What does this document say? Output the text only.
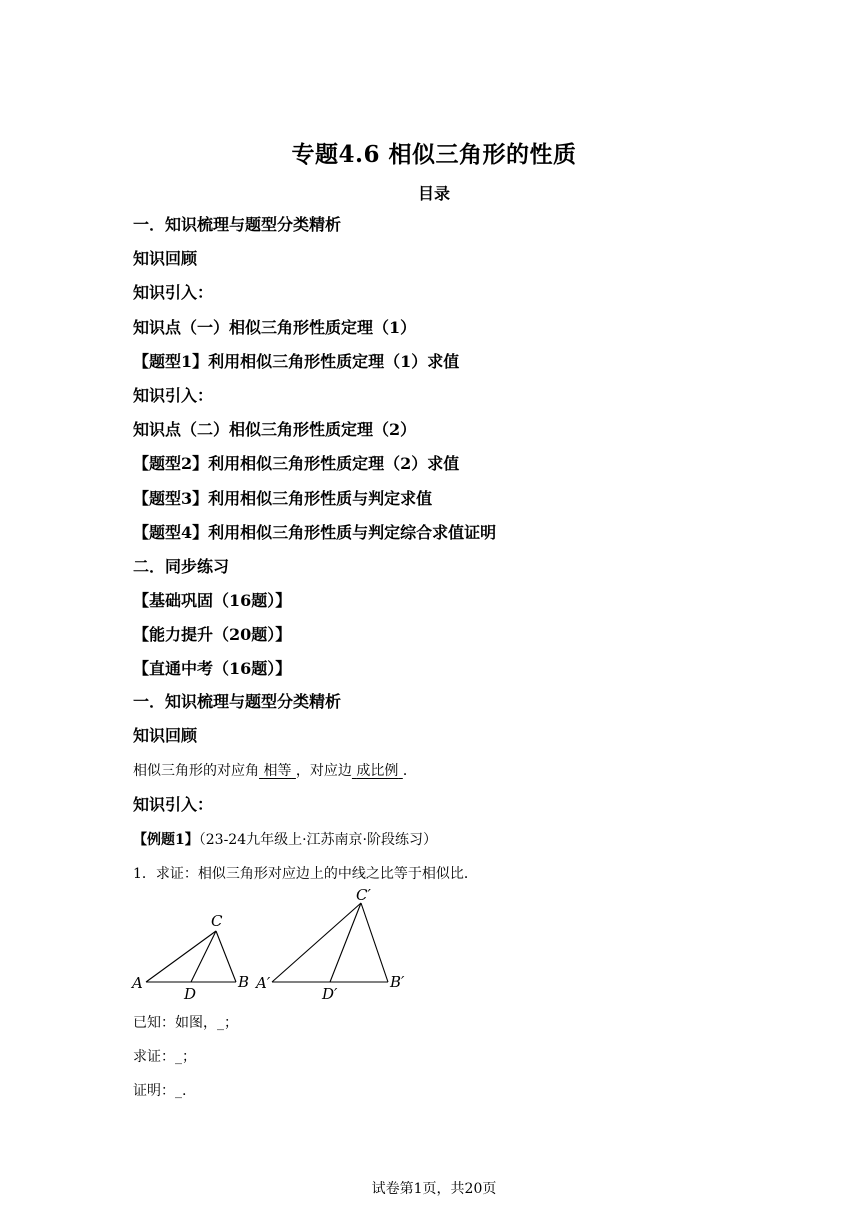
专题4.6 相似三角形的性质
目录
一．知识梳理与题型分类精析
知识回顾
知识引入：
知识点（一）相似三角形性质定理（1）
【题型1】利用相似三角形性质定理（1）求值
知识引入：
知识点（二）相似三角形性质定理（2）
【题型2】利用相似三角形性质定理（2）求值
【题型3】利用相似三角形性质与判定求值
【题型4】利用相似三角形性质与判定综合求值证明
二．同步练习
【基础巩固（16题）】
【能力提升（20题）】
【直通中考（16题）】
一．知识梳理与题型分类精析
知识回顾
相似三角形的对应角 相等 ，对应边 成比例 ．
知识引入：
【例题1】（23-24九年级上·江苏南京·阶段练习）
1．求证：相似三角形对应边上的中线之比等于相似比．
A	B
C
D
A′	B′
C′
D′
已知：如图，_；
求证：_；
证明：_.
试卷第1页，共20页
